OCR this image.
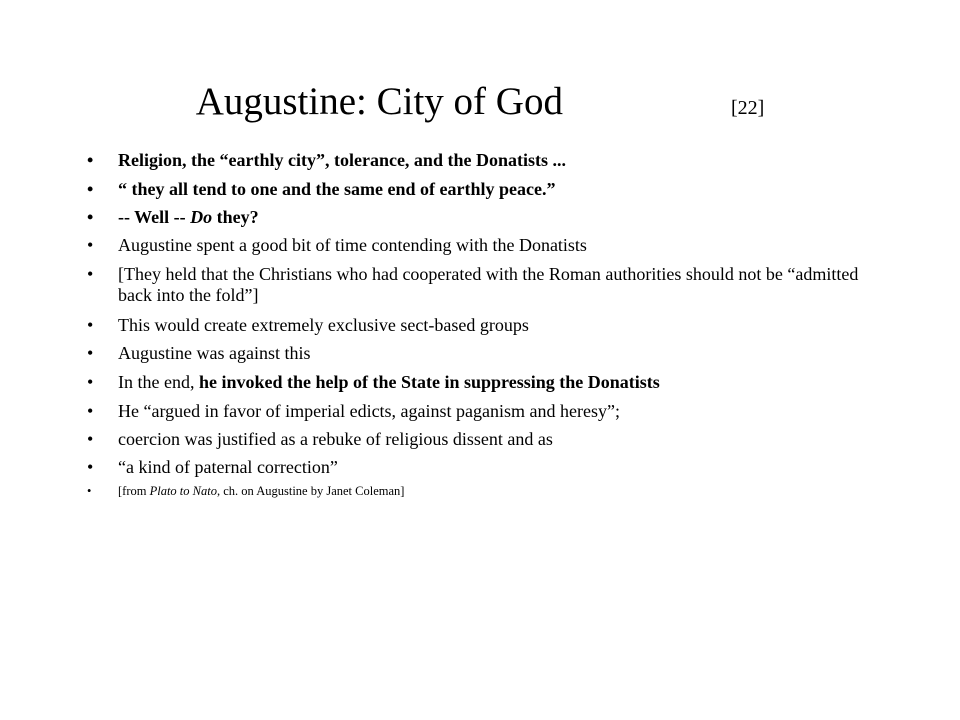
Augustine: City of God	[22]
•	Religion, the “earthly city”, tolerance, and the Donatists ...
•	“ they all tend to one and the same end of earthly peace.”
•	-- Well -- Do they?
•	Augustine spent a good bit of time contending with the Donatists
•	[They held that the Christians who had cooperated with the Roman authorities should not be “admitted back into the fold”]
•	This would create extremely exclusive sect-based groups
•	Augustine was against this
•	In the end, he invoked the help of the State in suppressing the Donatists
•	He “argued in favor of imperial edicts, against paganism and heresy”;
•	coercion was justified as a rebuke of religious dissent and as
•	“a kind of paternal correction”
•	[from Plato to Nato, ch. on Augustine by Janet Coleman]
